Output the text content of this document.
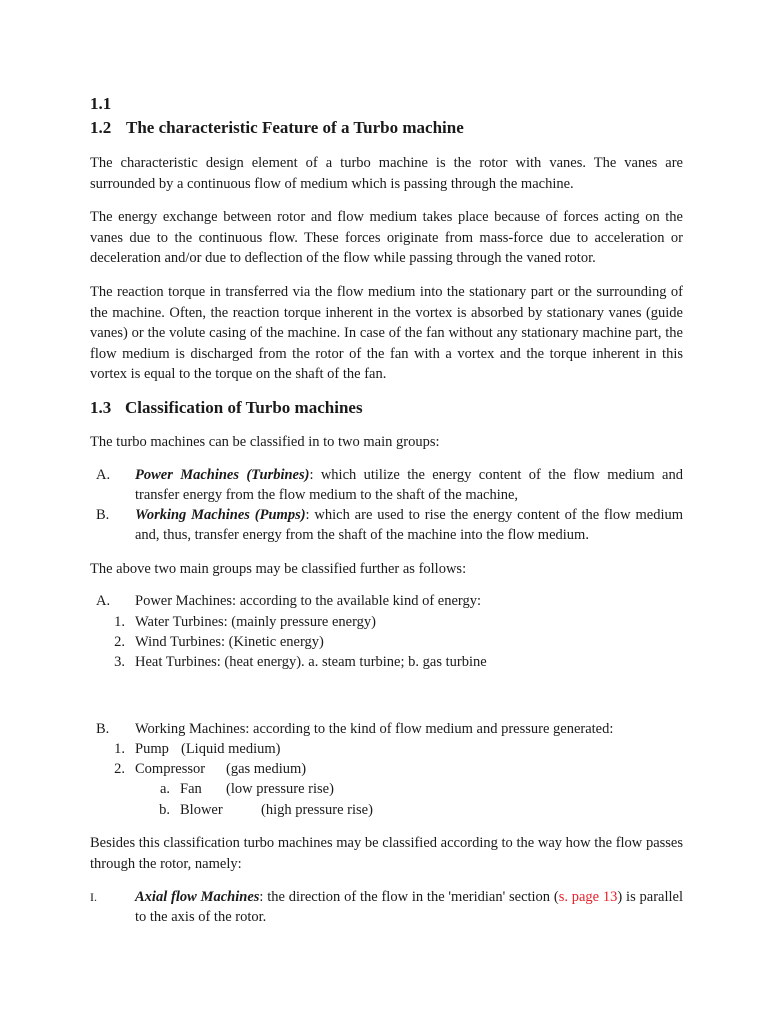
1.1
1.2 The characteristic Feature of a Turbo machine

The characteristic design element of a turbo machine is the rotor with vanes. The vanes are surrounded by a continuous flow of medium which is passing through the machine.

The energy exchange between rotor and flow medium takes place because of forces acting on the vanes due to the continuous flow. These forces originate from mass-force due to acceleration or deceleration and/or due to deflection of the flow while passing through the vaned rotor.

The reaction torque in transferred via the flow medium into the stationary part or the surrounding of the machine. Often, the reaction torque inherent in the vortex is absorbed by stationary vanes (guide vanes) or the volute casing of the machine. In case of the fan without any stationary machine part, the flow medium is discharged from the rotor of the fan with a vortex and the torque inherent in this vortex is equal to the torque on the shaft of the fan.

1.3 Classification of Turbo machines

The turbo machines can be classified in to two main groups:

A.	Power Machines (Turbines): which utilize the energy content of the flow medium and transfer energy from the flow medium to the shaft of the machine,
B.	Working Machines (Pumps): which are used to rise the energy content of the flow medium and, thus, transfer energy from the shaft of the machine into the flow medium.

The above two main groups may be classified further as follows:

A.	Power Machines: according to the available kind of energy:
1. Water Turbines: (mainly pressure energy)
2. Wind Turbines: (Kinetic energy)
3. Heat Turbines: (heat energy). a. steam turbine; b. gas turbine
B.	Working Machines: according to the kind of flow medium and pressure generated:
1. Pump (Liquid medium)
2. Compressor	(gas medium)
a. Fan	(low pressure rise)
b. Blower	(high pressure rise)

Besides this classification turbo machines may be classified according to the way how the flow passes through the rotor, namely:

I.	Axial flow Machines: the direction of the flow in the 'meridian' section (s. page 13) is parallel to the axis of the rotor.
